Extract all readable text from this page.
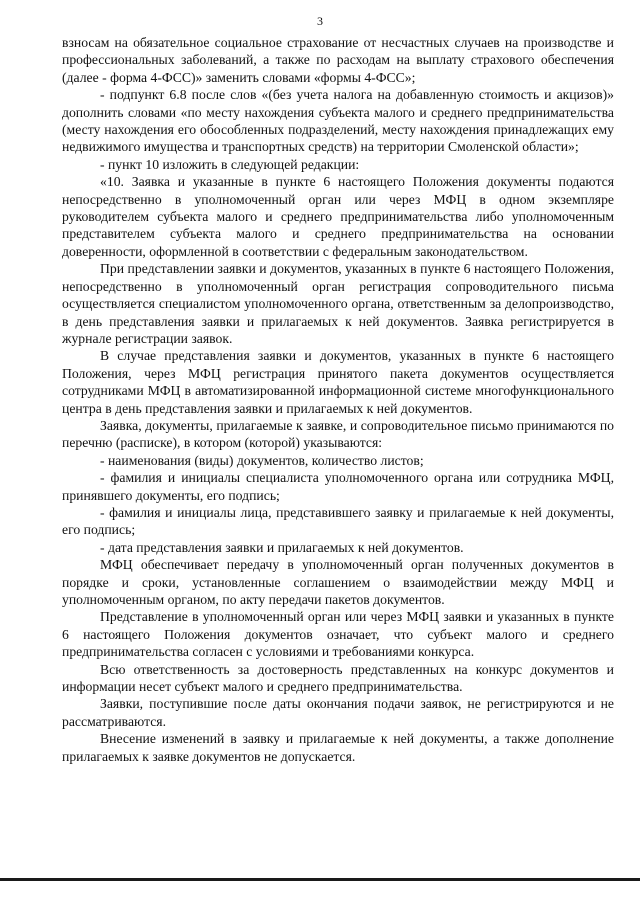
3

взносам на обязательное социальное страхование от несчастных случаев на производстве и профессиональных заболеваний, а также по расходам на выплату страхового обеспечения (далее - форма 4-ФСС)» заменить словами «формы 4-ФСС»;

- подпункт 6.8 после слов «(без учета налога на добавленную стоимость и акцизов)» дополнить словами «по месту нахождения субъекта малого и среднего предпринимательства (месту нахождения его обособленных подразделений, месту нахождения принадлежащих ему недвижимого имущества и транспортных средств) на территории Смоленской области»;

- пункт 10 изложить в следующей редакции:

«10. Заявка и указанные в пункте 6 настоящего Положения документы подаются непосредственно в уполномоченный орган или через МФЦ в одном экземпляре руководителем субъекта малого и среднего предпринимательства либо уполномоченным представителем субъекта малого и среднего предпринимательства на основании доверенности, оформленной в соответствии с федеральным законодательством.

При представлении заявки и документов, указанных в пункте 6 настоящего Положения, непосредственно в уполномоченный орган регистрация сопроводительного письма осуществляется специалистом уполномоченного органа, ответственным за делопроизводство, в день представления заявки и прилагаемых к ней документов. Заявка регистрируется в журнале регистрации заявок.

В случае представления заявки и документов, указанных в пункте 6 настоящего Положения, через МФЦ регистрация принятого пакета документов осуществляется сотрудниками МФЦ в автоматизированной информационной системе многофункционального центра в день представления заявки и прилагаемых к ней документов.

Заявка, документы, прилагаемые к заявке, и сопроводительное письмо принимаются по перечню (расписке), в котором (которой) указываются:

- наименования (виды) документов, количество листов;

- фамилия и инициалы специалиста уполномоченного органа или сотрудника МФЦ, принявшего документы, его подпись;

- фамилия и инициалы лица, представившего заявку и прилагаемые к ней документы, его подпись;

- дата представления заявки и прилагаемых к ней документов.

МФЦ обеспечивает передачу в уполномоченный орган полученных документов в порядке и сроки, установленные соглашением о взаимодействии между МФЦ и уполномоченным органом, по акту передачи пакетов документов.

Представление в уполномоченный орган или через МФЦ заявки и указанных в пункте 6 настоящего Положения документов означает, что субъект малого и среднего предпринимательства согласен с условиями и требованиями конкурса.

Всю ответственность за достоверность представленных на конкурс документов и информации несет субъект малого и среднего предпринимательства.

Заявки, поступившие после даты окончания подачи заявок, не регистрируются и не рассматриваются.

Внесение изменений в заявку и прилагаемые к ней документы, а также дополнение прилагаемых к заявке документов не допускается.
